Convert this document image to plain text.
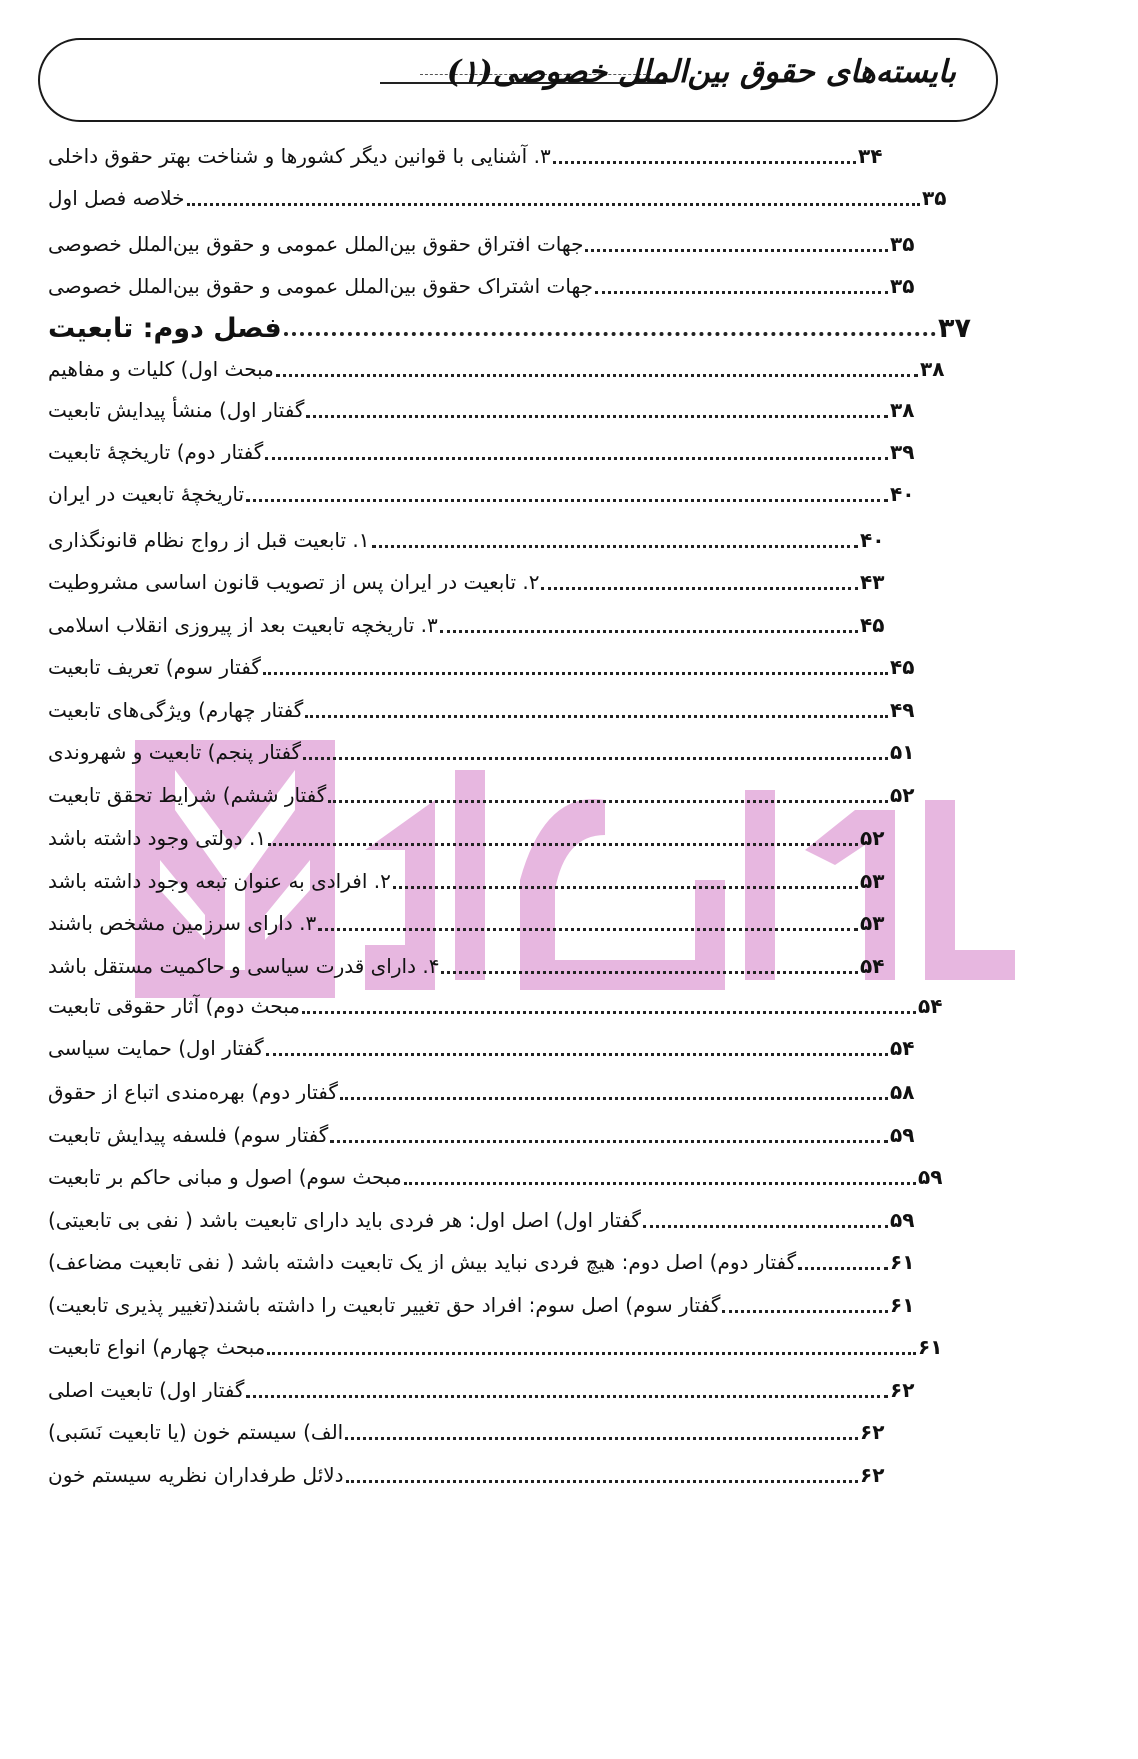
بایسته‌های حقوق بین‌الملل خصوصی(۱)
۳. آشنایی با قوانین دیگر کشورها و شناخت بهتر حقوق داخلی	۳۴
خلاصه فصل اول	۳۵
جهات افتراق حقوق بین‌الملل عمومی و حقوق بین‌الملل خصوصی	۳۵
جهات اشتراک حقوق بین‌الملل عمومی و حقوق بین‌الملل خصوصی	۳۵
فصل دوم: تابعیت	۳۷
مبحث اول) کلیات و مفاهیم	۳۸
گفتار اول) منشأ پیدایش تابعیت	۳۸
گفتار دوم) تاریخچهٔ تابعیت	۳۹
تاریخچهٔ تابعیت در ایران	۴۰
۱. تابعیت قبل از رواج نظام قانونگذاری	۴۰
۲. تابعیت در ایران پس از تصویب قانون اساسی مشروطیت	۴۳
۳. تاریخچه تابعیت بعد از پیروزی انقلاب اسلامی	۴۵
گفتار سوم) تعریف تابعیت	۴۵
گفتار چهارم) ویژگی‌های تابعیت	۴۹
گفتار پنجم) تابعیت و شهروندی	۵۱
گفتار ششم) شرایط تحقق تابعیت	۵۲
۱. دولتی وجود داشته باشد	۵۲
۲. افرادی به عنوان تبعه وجود داشته باشد	۵۳
۳. دارای سرزمین مشخص باشند	۵۳
۴. دارای قدرت سیاسی و حاکمیت مستقل باشد	۵۴
مبحث دوم) آثار حقوقی تابعیت	۵۴
گفتار اول) حمایت سیاسی	۵۴
گفتار دوم) بهره‌مندی اتباع از حقوق	۵۸
گفتار سوم) فلسفه پیدایش تابعیت	۵۹
مبحث سوم) اصول و مبانی حاکم بر تابعیت	۵۹
گفتار اول) اصل اول: هر فردی باید دارای تابعیت باشد ( نفی بی تابعیتی)	۵۹
گفتار دوم) اصل دوم: هیچ فردی نباید بیش از یک تابعیت داشته باشد ( نفی تابعیت مضاعف)	۶۱
گفتار سوم) اصل سوم: افراد حق تغییر تابعیت را داشته باشند(تغییر پذیری تابعیت)	۶۱
مبحث چهارم) انواع تابعیت	۶۱
گفتار اول) تابعیت اصلی	۶۲
الف) سیستم خون (یا تابعیت نَسَبی)	۶۲
دلائل طرفداران نظریه سیستم خون	۶۲
